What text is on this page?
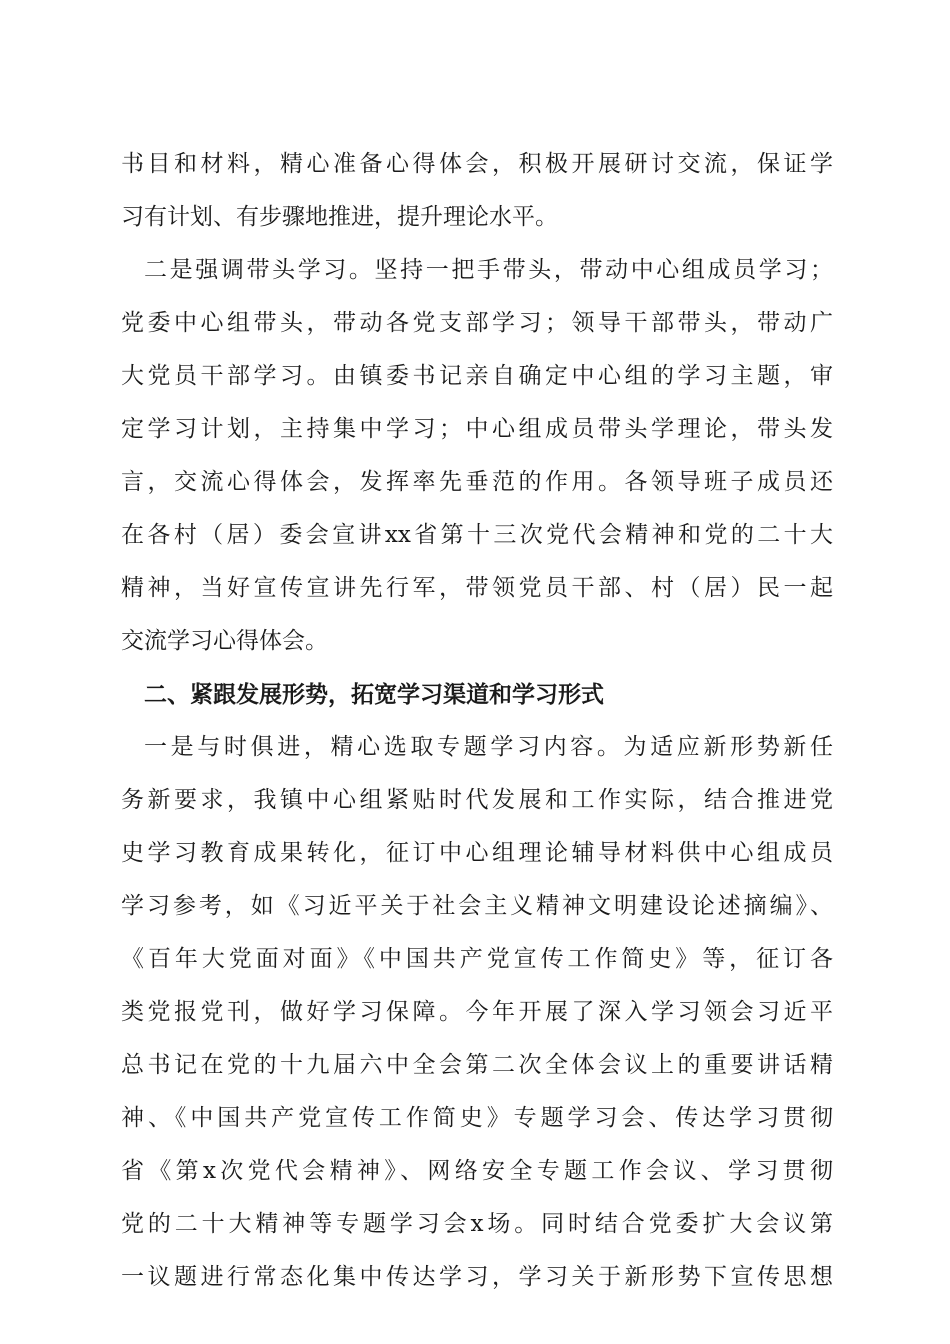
书目和材料，精心准备心得体会，积极开展研讨交流，保证学
习有计划、有步骤地推进，提升理论水平。
二是强调带头学习。坚持一把手带头，带动中心组成员学习；
党委中心组带头，带动各党支部学习；领导干部带头，带动广
大党员干部学习。由镇委书记亲自确定中心组的学习主题，审
定学习计划，主持集中学习；中心组成员带头学理论，带头发
言，交流心得体会，发挥率先垂范的作用。各领导班子成员还
在各村（居）委会宣讲xx省第十三次党代会精神和党的二十大
精神，当好宣传宣讲先行军，带领党员干部、村（居）民一起
交流学习心得体会。
二、紧跟发展形势，拓宽学习渠道和学习形式
一是与时俱进，精心选取专题学习内容。为适应新形势新任
务新要求，我镇中心组紧贴时代发展和工作实际，结合推进党
史学习教育成果转化，征订中心组理论辅导材料供中心组成员
学习参考，如《习近平关于社会主义精神文明建设论述摘编》、
《百年大党面对面》《中国共产党宣传工作简史》等，征订各
类党报党刊，做好学习保障。今年开展了深入学习领会习近平
总书记在党的十九届六中全会第二次全体会议上的重要讲话精
神、《中国共产党宣传工作简史》专题学习会、传达学习贯彻
省《第x次党代会精神》、网络安全专题工作会议、学习贯彻
党的二十大精神等专题学习会x场。同时结合党委扩大会议第
一议题进行常态化集中传达学习，学习关于新形势下宣传思想
